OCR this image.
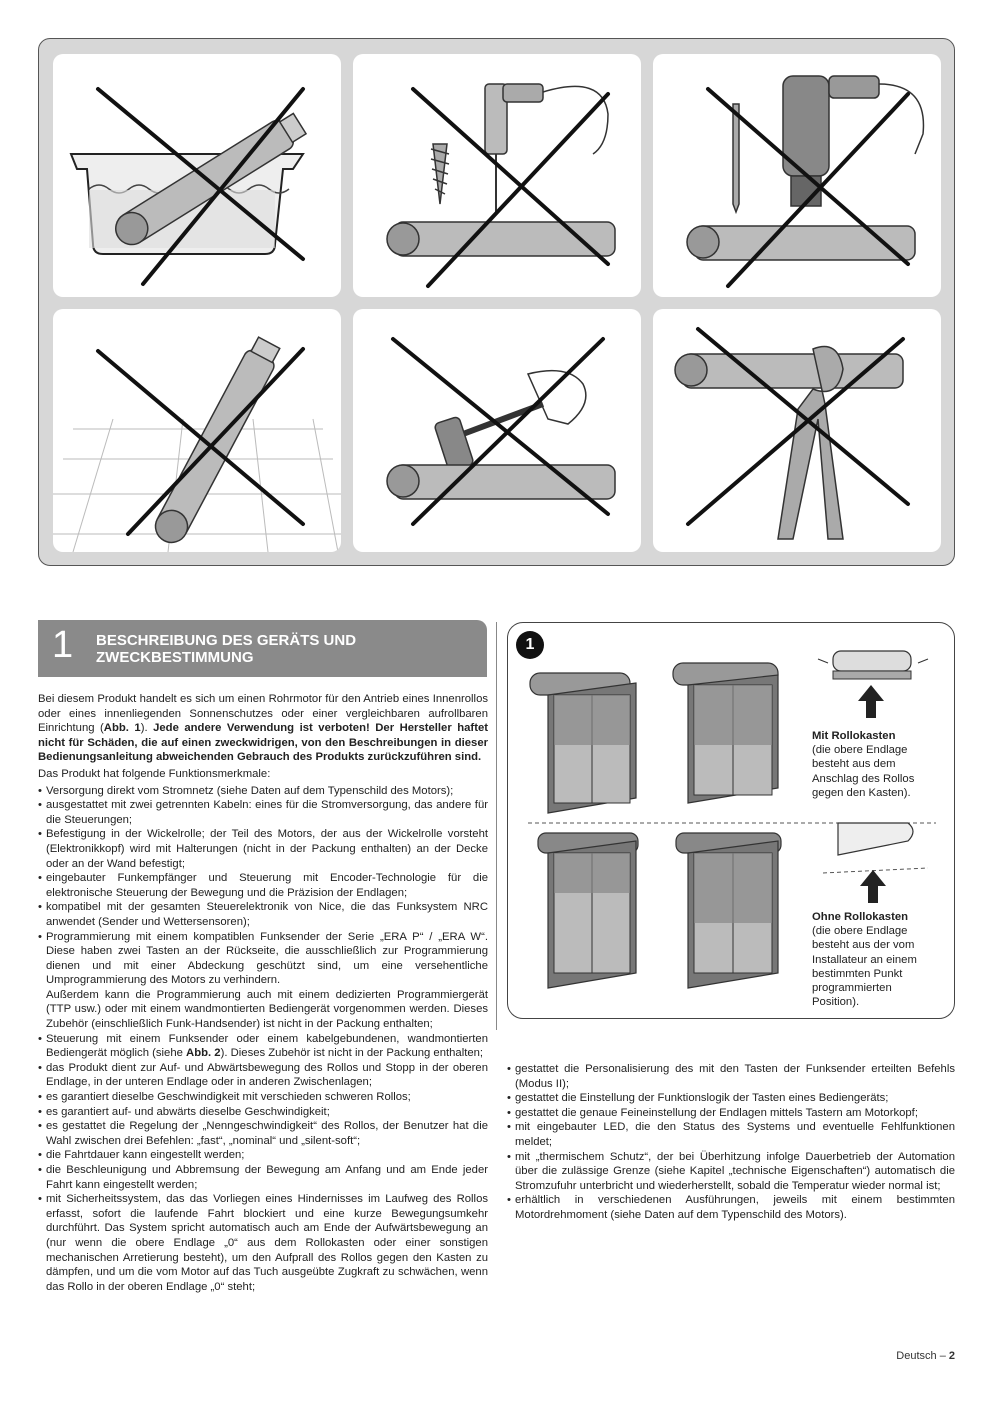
1 BESCHREIBUNG DES GERÄTS UND
ZWECKBESTIMMUNG

Bei diesem Produkt handelt es sich um einen Rohrmotor für den Antrieb eines Innenrollos oder eines innenliegenden Sonnenschutzes oder einer vergleichbaren aufrollbaren Einrichtung (Abb. 1). Jede andere Verwendung ist verboten! Der Hersteller haftet nicht für Schäden, die auf einen zweckwidrigen, von den Beschreibungen in dieser Bedienungsanleitung abweichenden Gebrauch des Produkts zurückzuführen sind.

Das Produkt hat folgende Funktionsmerkmale:

• Versorgung direkt vom Stromnetz (siehe Daten auf dem Typenschild des Motors);
• ausgestattet mit zwei getrennten Kabeln: eines für die Stromversorgung, das andere für die Steuerungen;
• Befestigung in der Wickelrolle; der Teil des Motors, der aus der Wickelrolle vorsteht (Elektronikkopf) wird mit Halterungen (nicht in der Packung enthalten) an der Decke oder an der Wand befestigt;
• eingebauter Funkempfänger und Steuerung mit Encoder-Technologie für die elektronische Steuerung der Bewegung und die Präzision der Endlagen;
• kompatibel mit der gesamten Steuerelektronik von Nice, die das Funksystem NRC anwendet (Sender und Wettersensoren);
• Programmierung mit einem kompatiblen Funksender der Serie „ERA P“ / „ERA W“. Diese haben zwei Tasten an der Rückseite, die ausschließlich zur Programmierung dienen und mit einer Abdeckung geschützt sind, um eine versehentliche Umprogrammierung des Motors zu verhindern.
Außerdem kann die Programmierung auch mit einem dedizierten Programmiergerät (TTP usw.) oder mit einem wandmontierten Bediengerät vorgenommen werden. Dieses Zubehör (einschließlich Funk-Handsender) ist nicht in der Packung enthalten;
• Steuerung mit einem Funksender oder einem kabelgebundenen, wandmontierten Bediengerät möglich (siehe Abb. 2). Dieses Zubehör ist nicht in der Packung enthalten;
• das Produkt dient zur Auf- und Abwärtsbewegung des Rollos und Stopp in der oberen Endlage, in der unteren Endlage oder in anderen Zwischenlagen;
• es garantiert dieselbe Geschwindigkeit mit verschieden schweren Rollos;
• es garantiert auf- und abwärts dieselbe Geschwindigkeit;
• es gestattet die Regelung der „Nenngeschwindigkeit“ des Rollos, der Benutzer hat die Wahl zwischen drei Befehlen: „fast“, „nominal“ und „silent-soft“;
• die Fahrtdauer kann eingestellt werden;
• die Beschleunigung und Abbremsung der Bewegung am Anfang und am Ende jeder Fahrt kann eingestellt werden;
• mit Sicherheitssystem, das das Vorliegen eines Hindernisses im Laufweg des Rollos erfasst, sofort die laufende Fahrt blockiert und eine kurze Bewegungsumkehr durchführt. Das System spricht automatisch auch am Ende der Aufwärtsbewegung an (nur wenn die obere Endlage „0“ aus dem Rollokasten oder einer sonstigen mechanischen Arretierung besteht), um den Aufprall des Rollos gegen den Kasten zu dämpfen, und um die vom Motor auf das Tuch ausgeübte Zugkraft zu schwächen, wenn das Rollo in der oberen Endlage „0“ steht;
1
Mit Rollokasten
(die obere Endlage besteht aus dem Anschlag des Rollos gegen den Kasten).
Ohne Rollokasten
(die obere Endlage besteht aus der vom Installateur an einem bestimmten Punkt programmierten Position).
• gestattet die Personalisierung des mit den Tasten der Funksender erteilten Befehls (Modus II);
• gestattet die Einstellung der Funktionslogik der Tasten eines Bediengeräts;
• gestattet die genaue Feineinstellung der Endlagen mittels Tastern am Motorkopf;
• mit eingebauter LED, die den Status des Systems und eventuelle Fehlfunktionen meldet;
• mit „thermischem Schutz“, der bei Überhitzung infolge Dauerbetrieb der Automation über die zulässige Grenze (siehe Kapitel „technische Eigenschaften“) automatisch die Stromzufuhr unterbricht und wiederherstellt, sobald die Temperatur wieder normal ist;
• erhältlich in verschiedenen Ausführungen, jeweils mit einem bestimmten Motordrehmoment (siehe Daten auf dem Typenschild des Motors).
Deutsch – 2
